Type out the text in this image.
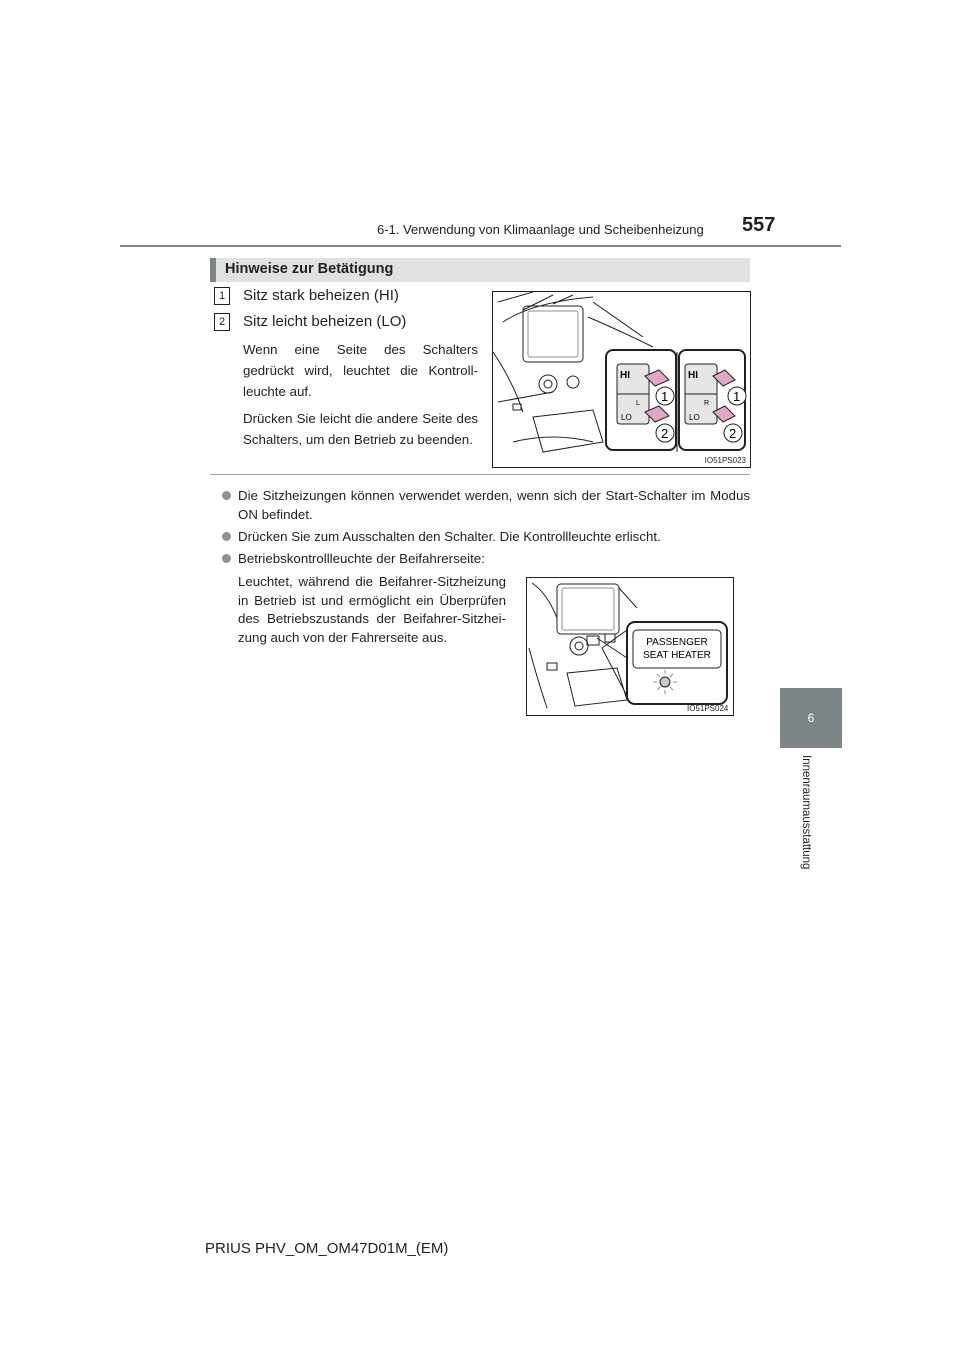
6-1. Verwendung von Klimaanlage und Scheibenheizung 557
6
Innenraumausstattung
Hinweise zur Betätigung
1	Sitz stark beheizen (HI)
2	Sitz leicht beheizen (LO)

Wenn eine Seite des Schalters gedrückt wird, leuchtet die Kontrollleuchte auf.

Drücken Sie leicht die andere Seite des Schalters, um den Betrieb zu beenden.

HI
L
LO
HI
R
LO
1	1
2	2
IO51PS023
Die Sitzheizungen können verwendet werden, wenn sich der Start-Schalter im Modus ON befindet.
Drücken Sie zum Ausschalten den Schalter. Die Kontrollleuchte erlischt.
Betriebskontrollleuchte der Beifahrerseite:
Leuchtet, während die Beifahrer-Sitzheizung in Betrieb ist und ermöglicht ein Überprüfen des Betriebszustands der Beifahrer-Sitzheizung auch von der Fahrerseite aus.	PASSENGER
SEAT HEATER
IO51PS024
PRIUS PHV_OM_OM47D01M_(EM)
